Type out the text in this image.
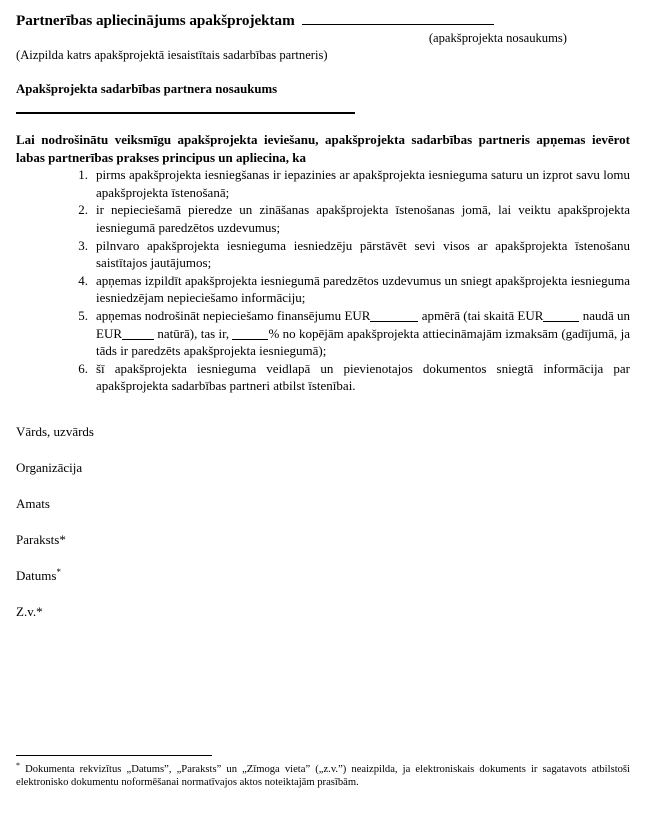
Partnerības apliecinājums apakšprojektam
(apakšprojekta nosaukums)
(Aizpilda katrs apakšprojektā iesaistītais sadarbības partneris)
Apakšprojekta sadarbības partnera nosaukums
Lai nodrošinātu veiksmīgu apakšprojekta ieviešanu, apakšprojekta sadarbības partneris apņemas ievērot labas partnerības prakses principus un apliecina, ka
1. pirms apakšprojekta iesniegšanas ir iepazinies ar apakšprojekta iesnieguma saturu un izprot savu lomu apakšprojekta īstenošanā;
2. ir nepieciešamā pieredze un zināšanas apakšprojekta īstenošanas jomā, lai veiktu apakšprojekta iesniegumā paredzētos uzdevumus;
3. pilnvaro apakšprojekta iesnieguma iesniedzēju pārstāvēt sevi visos ar apakšprojekta īstenošanu saistītajos jautājumos;
4. apņemas izpildīt apakšprojekta iesniegumā paredzētos uzdevumus un sniegt apakšprojekta iesnieguma iesniedzējam nepieciešamo informāciju;
5. apņemas nodrošināt nepieciešamo finansējumu EUR	apmērā (tai skaitā EUR	naudā un EUR	natūrā), tas ir,	% no kopējām apakšprojekta attiecināmajām izmaksām (gadījumā, ja tāds ir paredzēts apakšprojekta iesniegumā);
6. šī apakšprojekta iesnieguma veidlapā un pievienotajos dokumentos sniegtā informācija par apakšprojekta sadarbības partneri atbilst īstenībai.
Vārds, uzvārds
Organizācija
Amats
Paraksts*
Datums*
Z.v.*
* Dokumenta rekvizītus „Datums”, „Paraksts” un „Zīmoga vieta” („z.v.”) neaizpilda, ja elektroniskais dokuments ir sagatavots atbilstoši elektronisko dokumentu noformēšanai normatīvajos aktos noteiktajām prasībām.
